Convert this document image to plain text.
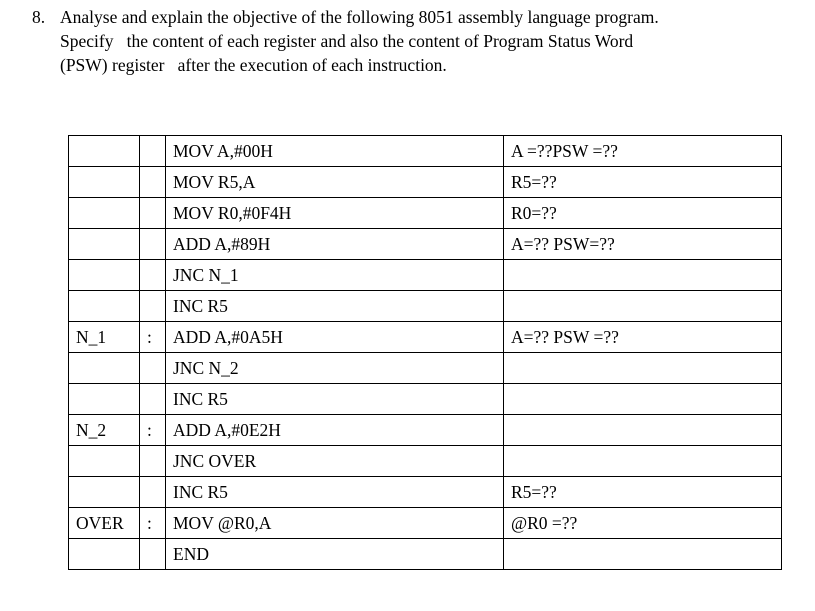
8. Analyse and explain the objective of the following 8051 assembly language program.
Specify   the content of each register and also the content of Program Status Word
(PSW) register   after the execution of each instruction.
		MOV A,#00H	A =??PSW =??
		MOV R5,A	R5=??
		MOV R0,#0F4H	R0=??
		ADD A,#89H	A=?? PSW=??
		JNC N_1	
		INC R5	
N_1	:	ADD A,#0A5H	A=?? PSW =??
		JNC N_2	
		INC R5	
N_2	:	ADD A,#0E2H	
		JNC OVER	
		INC R5	R5=??
OVER	:	MOV @R0,A	@R0 =??
		END	
